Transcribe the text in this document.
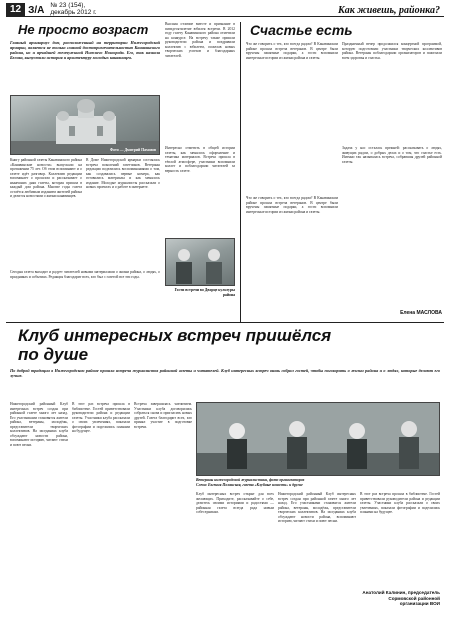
12 З/А № 23 (154),
декабрь 2012 г.	Как живешь, районка?
Не просто возраст
Главный архивариус дом, расположенный на территории Нижегородской ярмарки, является не только главной достопримечательностью Канавинского района, но и ярчайшей жемчужиной Нижнего Новгорода. Его, так назвала Белова, выпустили история и архитектуру молодых канавинцев.
Фото — Дмитрий Пахомов
Книгу районной газеты Канавинского района «Канавинские новости» выпускали на протяжении 75 лет. Об этом вспоминают и о газете идёт разговор. Коллектив редакции вспоминает о прошлом и рассказывает о нынешних днях газеты, которая пришла в каждый дом района. Многие годы газета остаётся любимым изданием жителей района и делится новостями о жизни канавинцев.
В Доме Нижегородской ярмарки состоялась встреча поколений газетчиков. Ветераны редакции поделились воспоминаниями о том, как создавались первые номера, как готовились материалы и как менялось издание. Молодые журналисты рассказали о новых проектах и о работе в интернете.
Высшая отличие вместе и признание в пятидесятилетие юбилея встречи. В 2012 году газету Канавинского района отметили на конкурсе. На встречу также пришли руководители района и поздравили коллектив с юбилеем, пожелав новых творческих успехов и благодарных читателей.
Интересно отметить в общей истории газеты, как менялось оформление и тематика материалов. Встреча прошла в тёплой атмосфере, участники вспомнили коллег и поблагодарили читателей за верность газете.
Гости встречи во Дворце культуры района
Сегодня газета выходит и радует читателей новыми материалами о жизни района, о людях, о праздниках и событиях. Редакция благодарит всех, кто был с газетой все эти годы.
Счастье есть
Что же говорить о тех, кто всегда рядом? В Канавинском районе прошла встреча ветеранов. В центре были вручены памятные подарки, а гости вспомнили интересные истории из жизни района и газеты.
Праздничный вечер продолжился концертной программой, которую подготовили участники творческих коллективов района. Ветераны поблагодарили организаторов и пожелали всем здоровья и счастья.
Задача у нас осталась прежней: рассказывать о людях, живущих рядом, о добрых делах и о том, что счастье есть. Именно так называлась встреча, собравшая друзей районной газеты.
Что же говорить о тех, кто всегда рядом? В Канавинском районе прошла встреча ветеранов. В центре были вручены памятные подарки, а гости вспомнили интересные истории из жизни района и газеты.
Елена МАСЛОВА
Клуб интересных встреч пришёлся по душе
По доброй традиции в Нижегородском районе прошла встреча журналистов районной газеты и читателей. Клуб интересных встреч вновь собрал гостей, чтобы поговорить о жизни района и о людях, которые делают его лучше.
Нижегородский районный Клуб интересных встреч создан при районной газете много лет назад. Его участниками становятся жители района, ветераны, молодёжь, представители творческих коллективов. На заседаниях клуба обсуждают новости района, вспоминают историю, читают стихи и поют песни.
В этот раз встреча прошла в библиотеке. Гостей приветствовали руководители района и редакции газеты. Участники клуба рассказали о своих увлечениях, показали фотографии и поделились планами на будущее.
Встреча завершилась чаепитием. Участники клуба договорились собраться снова и пригласить новых друзей. Газета благодарит всех, кто принял участие в подготовке встречи.
Ветераны нижегородской журналистики, фото организаторов
Слева: Евгения Полянская, газета «Клубные новости» и другие
Клуб интересных встреч открыт для всех желающих. Приходите, рассказывайте о себе, делитесь своими историями и радостями — районная газета всегда рада новым собеседникам.
Нижегородский районный Клуб интересных встреч создан при районной газете много лет назад. Его участниками становятся жители района, ветераны, молодёжь, представители творческих коллективов. На заседаниях клуба обсуждают новости района, вспоминают историю, читают стихи и поют песни.
В этот раз встреча прошла в библиотеке. Гостей приветствовали руководители района и редакции газеты. Участники клуба рассказали о своих увлечениях, показали фотографии и поделились планами на будущее.
Анатолий Калинин, председатель Сормовской районной организации ВОИ
